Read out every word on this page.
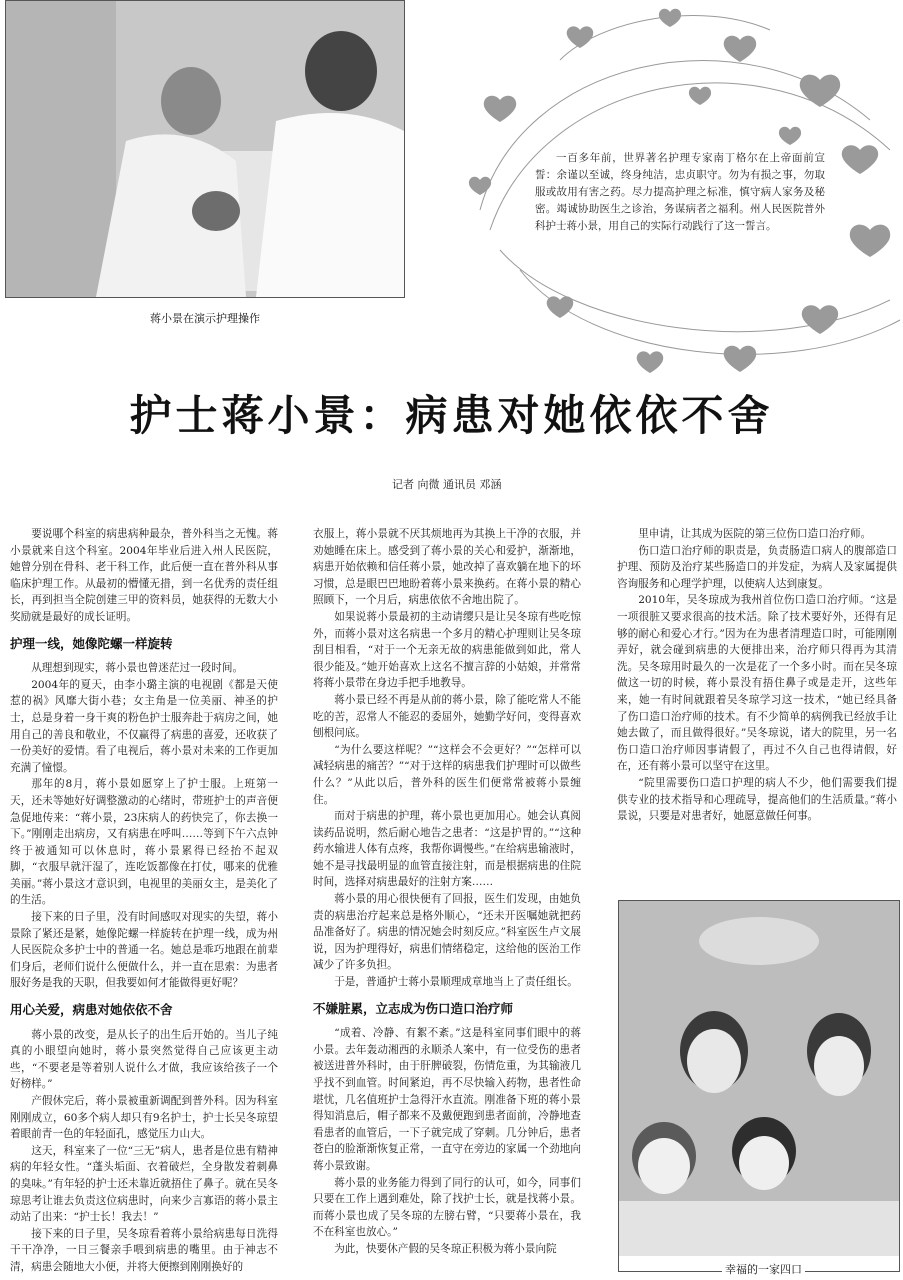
蒋小景在演示护理操作
一百多年前，世界著名护理专家南丁格尔在上帝面前宣誓：余谨以至诚，终身纯洁，忠贞职守。勿为有损之事，勿取服或故用有害之药。尽力提高护理之标准，慎守病人家务及秘密。竭诚协助医生之诊治，务谋病者之福利。州人民医院普外科护士蒋小景，用自己的实际行动践行了这一誓言。
护士蒋小景：病患对她依依不舍
记者 向微 通讯员 邓涵

要说哪个科室的病患病种最杂，普外科当之无愧。蒋小景就来自这个科室。2004年毕业后进入州人民医院，她曾分别在骨科、老干科工作，此后便一直在普外科从事临床护理工作。从最初的懵懂无措，到一名优秀的责任组长，再到担当全院创建三甲的资料员，她获得的无数大小奖励就是最好的成长证明。

护理一线，她像陀螺一样旋转

从理想到现实，蒋小景也曾迷茫过一段时间。

2004年的夏天，由李小璐主演的电视剧《都是天使惹的祸》风靡大街小巷；女主角是一位美丽、神圣的护士，总是身着一身干爽的粉色护士服奔赴于病房之间，她用自己的善良和敬业，不仅赢得了病患的喜爱，还收获了一份美好的爱情。看了电视后，蒋小景对未来的工作更加充满了憧憬。

那年的8月，蒋小景如愿穿上了护士服。上班第一天，还未等她好好调整激动的心绪时，带班护士的声音便急促地传来：“蒋小景，23床病人的药快完了，你去换一下。”刚刚走出病房，又有病患在呼叫……等到下午六点钟终于被通知可以休息时，蒋小景累得已经抬不起双脚，“衣服早就汗湿了，连吃饭都像在打仗，哪来的优雅美丽。”蒋小景这才意识到，电视里的美丽女主，是美化了的生活。

接下来的日子里，没有时间感叹对现实的失望，蒋小景除了紧还是紧，她像陀螺一样旋转在护理一线，成为州人民医院众多护士中的普通一名。她总是乖巧地跟在前辈们身后，老师们说什么便做什么，并一直在思索：为患者服好务是我的天职，但我要如何才能做得更好呢？

用心关爱，病患对她依依不舍

蒋小景的改变，是从长子的出生后开始的。当儿子纯真的小眼望向她时，蒋小景突然觉得自己应该更主动些，“不要老是等着别人说什么才做，我应该给孩子一个好榜样。”

产假休完后，蒋小景被重新调配到普外科。因为科室刚刚成立，60多个病人却只有9名护士，护士长吴冬琼望着眼前青一色的年轻面孔，感觉压力山大。

这天，科室来了一位“三无”病人，患者是位患有精神病的年轻女性。“蓬头垢面、衣着破烂，全身散发着刺鼻的臭味。”有年轻的护士还未靠近就捂住了鼻子。就在吴冬琼思考让谁去负责这位病患时，向来少言寡语的蒋小景主动站了出来：“护士长！我去！”

接下来的日子里，吴冬琼看着蒋小景给病患每日洗得干干净净，一日三餐亲手喂到病患的嘴里。由于神志不清，病患会随地大小便，并将大便擦到刚刚换好的

衣服上，蒋小景就不厌其烦地再为其换上干净的衣服，并劝她睡在床上。感受到了蒋小景的关心和爱护，渐渐地，病患开始依赖和信任蒋小景，她改掉了喜欢躺在地下的坏习惯，总是眼巴巴地盼着蒋小景来换药。在蒋小景的精心照顾下，一个月后，病患依依不舍地出院了。

如果说蒋小景最初的主动请缨只是让吴冬琼有些吃惊外，而蒋小景对这名病患一个多月的精心护理则让吴冬琼刮目相看，“对于一个无亲无故的病患能做到如此，常人很少能及。”她开始喜欢上这名不擅言辞的小姑娘，并常常将蒋小景带在身边手把手地教导。

蒋小景已经不再是从前的蒋小景，除了能吃常人不能吃的苦，忍常人不能忍的委屈外，她勤学好问，变得喜欢刨根问底。

“为什么要这样呢？”“这样会不会更好？”“怎样可以减轻病患的痛苦？”“对于这样的病患我们护理时可以做些什么？”从此以后，普外科的医生们便常常被蒋小景缠住。

而对于病患的护理，蒋小景也更加用心。她会认真阅读药品说明，然后耐心地告之患者：“这是护胃的。”“这种药水输进人体有点疼，我帮你调慢些。”在给病患输液时，她不是寻找最明显的血管直接注射，而是根据病患的住院时间，选择对病患最好的注射方案……

蒋小景的用心很快便有了回报，医生们发现，由她负责的病患治疗起来总是格外顺心，“还未开医嘱她就把药品准备好了。病患的情况她会时刻反应。”科室医生卢文展说，因为护理得好，病患们情绪稳定，这给他的医治工作减少了许多负担。

于是，普通护士蒋小景顺理成章地当上了责任组长。

不嫌脏累，立志成为伤口造口治疗师

“成着、冷静、有絮不紊。”这是科室同事们眼中的蒋小景。去年轰动湘西的永顺杀人案中，有一位受伤的患者被送进普外科时，由于肝脾破裂，伤情危重，为其输液几乎找不到血管。时间紧迫，再不尽快输入药物，患者性命堪忧，几名值班护士急得汗水直流。刚准备下班的蒋小景得知消息后，帽子都来不及戴便跑到患者面前，冷静地查看患者的血管后，一下子就完成了穿刺。几分钟后，患者苍白的脸渐渐恢复正常，一直守在旁边的家属一个劲地向蒋小景致谢。

蒋小景的业务能力得到了同行的认可，如今，同事们只要在工作上遇到难处，除了找护士长，就是找蒋小景。而蒋小景也成了吴冬琼的左膀右臂，“只要蒋小景在，我不在科室也放心。”

为此，快要休产假的吴冬琼正积极为蒋小景向院

里申请，让其成为医院的第三位伤口造口治疗师。

伤口造口治疗师的职责是，负责肠造口病人的腹部造口护理、预防及治疗某些肠造口的并发症，为病人及家属提供咨询服务和心理学护理，以使病人达到康复。

2010年，吴冬琼成为我州首位伤口造口治疗师。“这是一项很脏又要求很高的技术活。除了技术要好外，还得有足够的耐心和爱心才行。”因为在为患者清理造口时，可能刚刚弄好，就会碰到病患的大便排出来，治疗师只得再为其清洗。吴冬琼用时最久的一次是花了一个多小时。而在吴冬琼做这一切的时候，蒋小景没有捂住鼻子或是走开，这些年来，她一有时间就跟着吴冬琼学习这一技术，“她已经具备了伤口造口治疗师的技术。有不少简单的病例我已经放手让她去做了，而且做得很好。”吴冬琼说，诸大的院里，另一名伤口造口治疗师因事请假了，再过不久自己也得请假，好在，还有蒋小景可以坚守在这里。

“院里需要伤口造口护理的病人不少，他们需要我们提供专业的技术指导和心理疏导，提高他们的生活质量。”蒋小景说，只要是对患者好，她愿意做任何事。

幸福的一家四口
